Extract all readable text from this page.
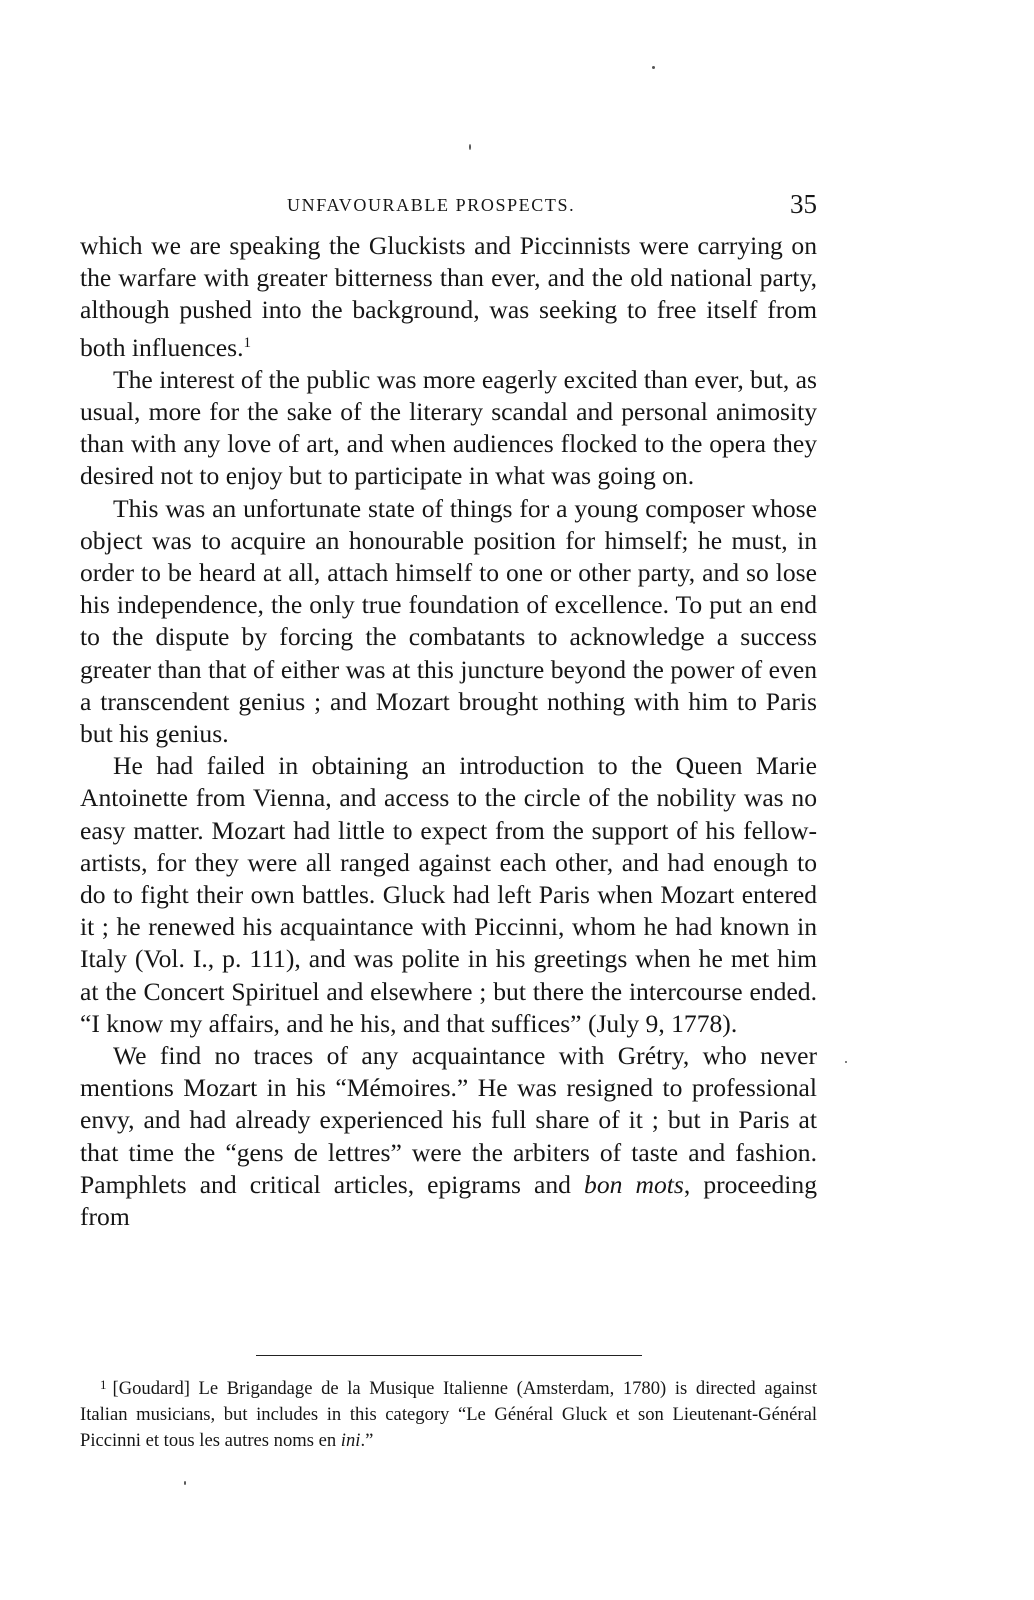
UNFAVOURABLE PROSPECTS.	35

which we are speaking the Gluckists and Piccinnists were carrying on the warfare with greater bitterness than ever, and the old national party, although pushed into the background, was seeking to free itself from both influences.$^1$

The interest of the public was more eagerly excited than ever, but, as usual, more for the sake of the literary scandal and personal animosity than with any love of art, and when audiences flocked to the opera they desired not to enjoy but to participate in what was going on.

This was an unfortunate state of things for a young composer whose object was to acquire an honourable position for himself; he must, in order to be heard at all, attach himself to one or other party, and so lose his independence, the only true foundation of excellence. To put an end to the dispute by forcing the combatants to acknowledge a success greater than that of either was at this juncture beyond the power of even a transcendent genius ; and Mozart brought nothing with him to Paris but his genius.

He had failed in obtaining an introduction to the Queen Marie Antoinette from Vienna, and access to the circle of the nobility was no easy matter. Mozart had little to expect from the support of his fellow-artists, for they were all ranged against each other, and had enough to do to fight their own battles. Gluck had left Paris when Mozart entered it ; he renewed his acquaintance with Piccinni, whom he had known in Italy (Vol. I., p. 111), and was polite in his greetings when he met him at the Concert Spirituel and elsewhere ; but there the intercourse ended. “I know my affairs, and he his, and that suffices” (July 9, 1778).

We find no traces of any acquaintance with Grétry, who never mentions Mozart in his “Mémoires.” He was resigned to professional envy, and had already experienced his full share of it ; but in Paris at that time the “gens de lettres” were the arbiters of taste and fashion. Pamphlets and critical articles, epigrams and bon mots, proceeding from

$^1$ [Goudard] Le Brigandage de la Musique Italienne (Amsterdam, 1780) is directed against Italian musicians, but includes in this category “Le Général Gluck et son Lieutenant-Général Piccinni et tous les autres noms en ini.”
